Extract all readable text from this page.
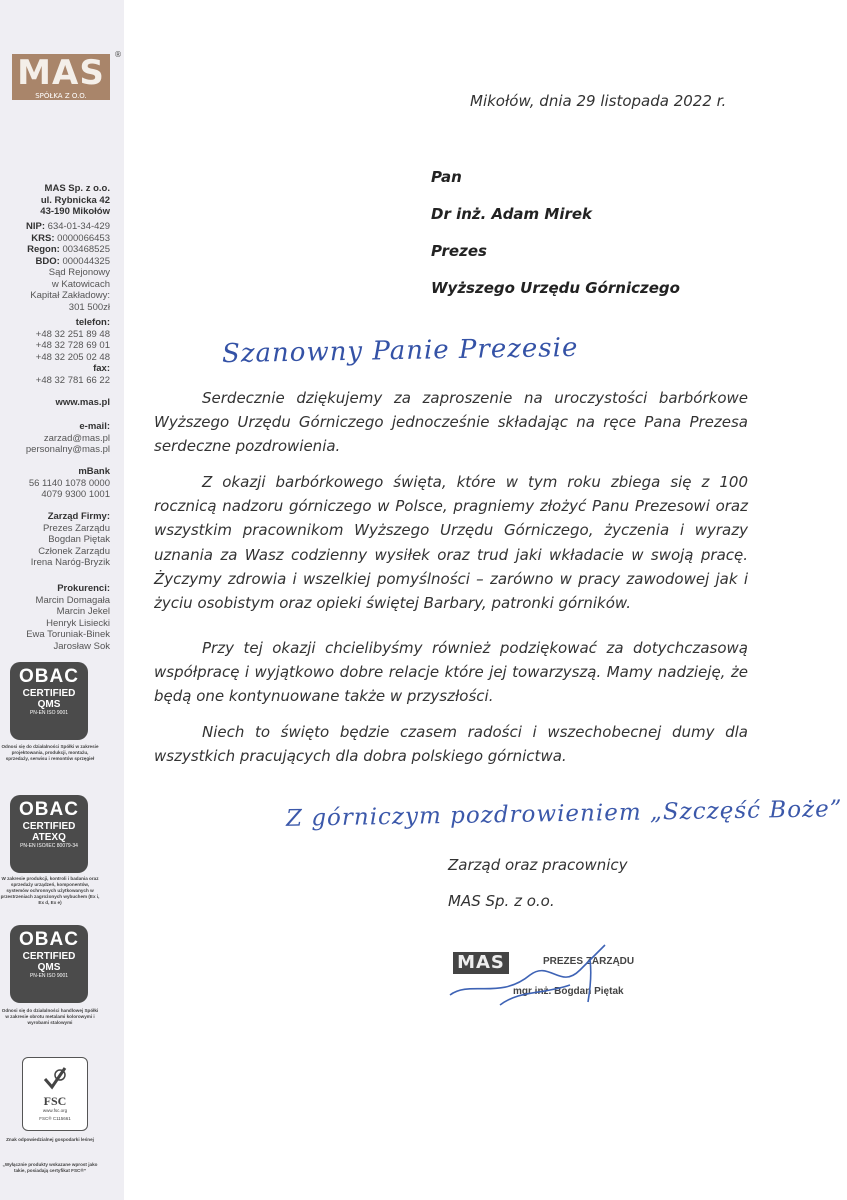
MAS
SPÓŁKA Z O.O.
®
MAS Sp. z o.o.
ul. Rybnicka 42
43-190 Mikołów
NIP: 634-01-34-429
KRS: 0000066453
Regon: 003468525
BDO: 000044325
Sąd Rejonowy
w Katowicach
Kapitał Zakładowy:
301 500zł
telefon:
+48 32 251 89 48
+48 32 728 69 01
+48 32 205 02 48
fax:
+48 32 781 66 22
www.mas.pl
e-mail:
zarzad@mas.pl
personalny@mas.pl
mBank
56 1140 1078 0000
4079 9300 1001
Zarząd Firmy:
Prezes Zarządu
Bogdan Piętak
Członek Zarządu
Irena Naróg-Bryzik
Prokurenci:
Marcin Domagała
Marcin Jekel
Henryk Lisiecki
Ewa Toruniak-Binek
Jarosław Sok
OBAC
CERTIFIED
QMS
PN-EN ISO 9001
Odnosi się do działalności Spółki w zakresie projektowania, produkcji, montażu, sprzedaży, serwisu i remontów sprzęgieł
OBAC
CERTIFIED
ATEXQ
PN-EN ISO/IEC 80079-34
W zakresie produkcji, kontroli i badania oraz sprzedaży urządzeń, komponentów, systemów ochronnych użytkowanych w przestrzeniach zagrożonych wybuchem (Ex i, Ex d, Ex e)
OBAC
CERTIFIED
QMS
PN-EN ISO 9001
Odnosi się do działalności handlowej Spółki w zakresie obrotu metalami kolorowymi i wyrobami stalowymi
FSC
www.fsc.org
FSC® C115661
Znak odpowiedzialnej gospodarki leśnej
„Wyłącznie produkty wskazane wprost jako takie, posiadają certyfikat FSC®”
Mikołów, dnia 29 listopada 2022 r.
Pan
Dr inż. Adam Mirek
Prezes
Wyższego Urzędu Górniczego
Szanowny Panie Prezesie
Serdecznie dziękujemy za zaproszenie na uroczystości barbórkowe Wyższego Urzędu Górniczego jednocześnie składając na ręce Pana Prezesa serdeczne pozdrowienia.
Z okazji barbórkowego święta, które w tym roku zbiega się z 100 rocznicą nadzoru górniczego w Polsce, pragniemy złożyć Panu Prezesowi oraz wszystkim pracownikom Wyższego Urzędu Górniczego, życzenia i wyrazy uznania za Wasz codzienny wysiłek oraz trud jaki wkładacie w swoją pracę. Życzymy zdrowia i wszelkiej pomyślności – zarówno w pracy zawodowej jak i życiu osobistym oraz opieki świętej Barbary, patronki górników.
Przy tej okazji chcielibyśmy również podziękować za dotychczasową współpracę i wyjątkowo dobre relacje które jej towarzyszą. Mamy nadzieję, że będą one kontynuowane także w przyszłości.
Niech to święto będzie czasem radości i wszechobecnej dumy dla wszystkich pracujących dla dobra polskiego górnictwa.
Z górniczym pozdrowieniem „Szczęść Boże”
Zarząd oraz pracownicy
MAS Sp. z o.o.
MAS	PREZES ZARZĄDU
mgr inż. Bogdan Piętak
